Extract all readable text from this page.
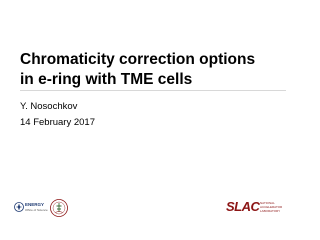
Chromaticity correction options
in e-ring with TME cells
Y. Nosochkov
14 February 2017
ENERGY
Office of Science	SLAC NATIONAL
ACCELERATOR
LABORATORY
